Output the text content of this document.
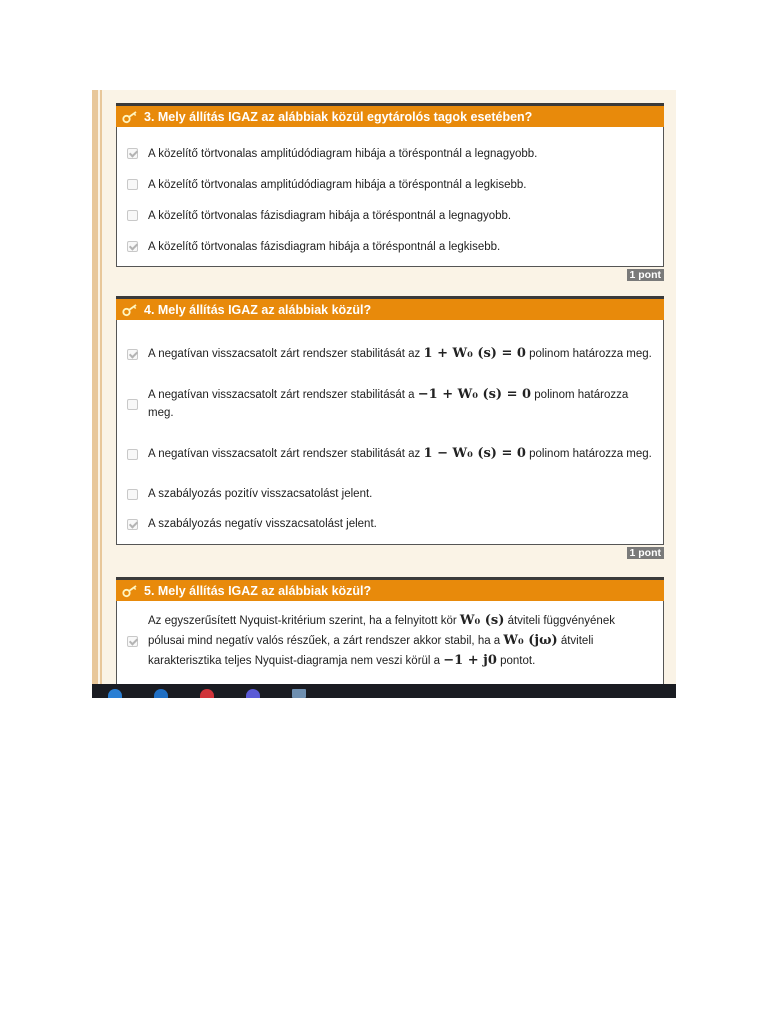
3. Mely állítás IGAZ az alábbiak közül egytárolós tagok esetében?
A közelítő törtvonalas amplitúdódiagram hibája a töréspontnál a legnagyobb.
A közelítő törtvonalas amplitúdódiagram hibája a töréspontnál a legkisebb.
A közelítő törtvonalas fázisdiagram hibája a töréspontnál a legnagyobb.
A közelítő törtvonalas fázisdiagram hibája a töréspontnál a legkisebb.
1 pont
4. Mely állítás IGAZ az alábbiak közül?
A negatívan visszacsatolt zárt rendszer stabilitását az 1 + W₀ (s) = 0 polinom határozza meg.
A negatívan visszacsatolt zárt rendszer stabilitását a −1 + W₀ (s) = 0 polinom határozza meg.
A negatívan visszacsatolt zárt rendszer stabilitását az 1 − W₀ (s) = 0 polinom határozza meg.
A szabályozás pozitív visszacsatolást jelent.
A szabályozás negatív visszacsatolást jelent.
1 pont
5. Mely állítás IGAZ az alábbiak közül?
Az egyszerűsített Nyquist-kritérium szerint, ha a felnyitott kör W₀ (s) átviteli függvényének pólusai mind negatív valós részűek, a zárt rendszer akkor stabil, ha a W₀ (jω) átviteli karakterisztika teljes Nyquist-diagramja nem veszi körül a −1 + j0 pontot.
